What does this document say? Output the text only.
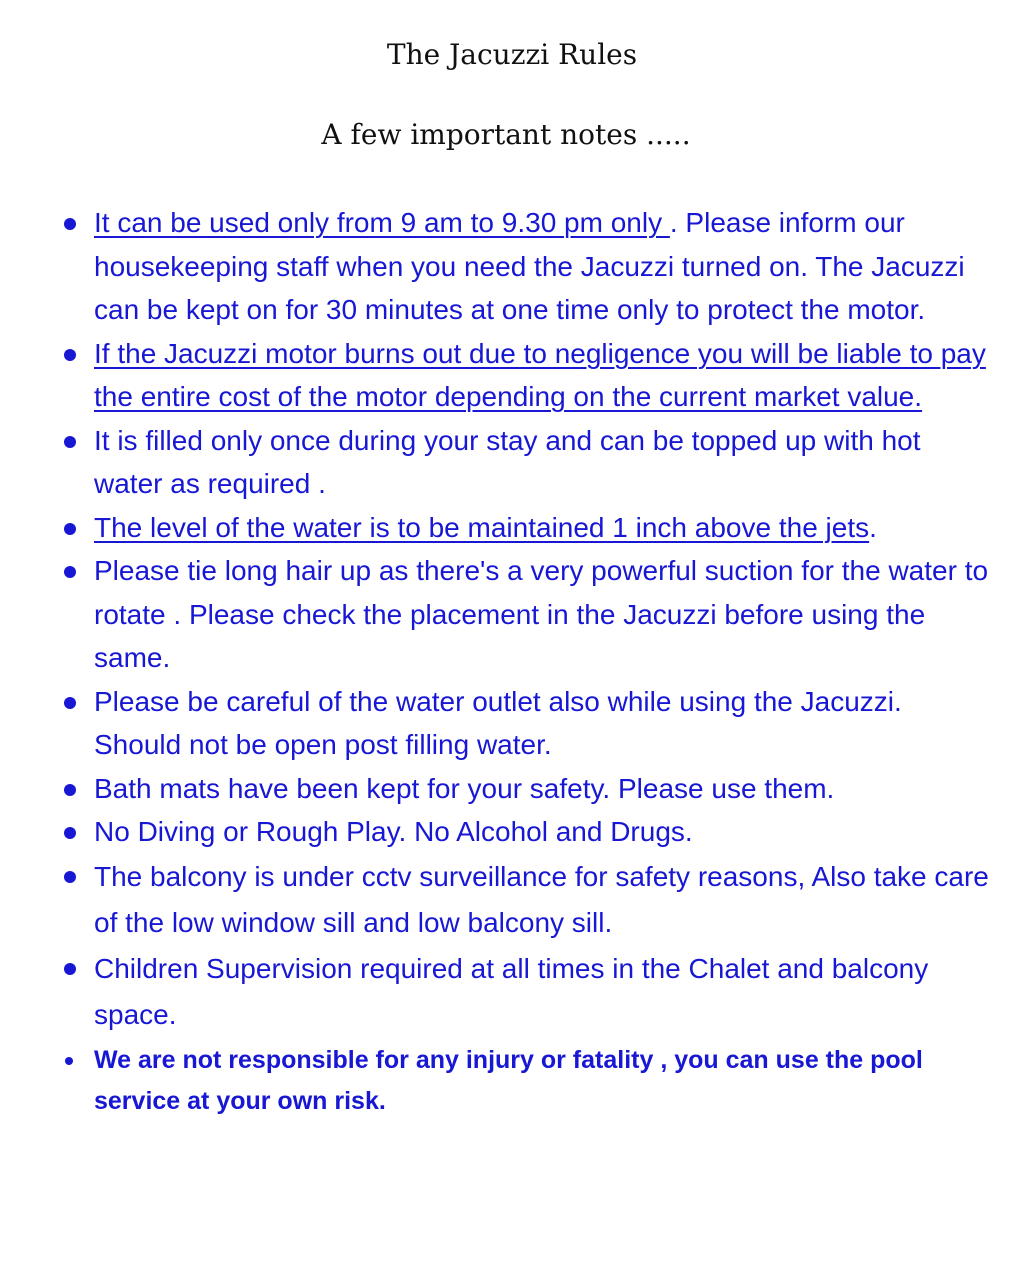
The Jacuzzi Rules
A few important notes .....
It can be used only from 9 am to 9.30 pm only . Please inform our housekeeping staff when you need the Jacuzzi turned on. The Jacuzzi can be kept on for 30 minutes at one time only to protect the motor.
If the Jacuzzi motor burns out due to negligence you will be liable to pay the entire cost of the motor depending on the current market value.
It is filled only once during your stay and can be topped up with hot water as required .
The level of the water is to be maintained 1 inch above the jets.
Please tie long hair up as there's a very powerful suction for the water to rotate . Please check the placement in the Jacuzzi before using the same.
Please be careful of the water outlet also while using the Jacuzzi. Should not be open post filling water.
Bath mats have been kept for your safety. Please use them.
No Diving or Rough Play. No Alcohol and Drugs.
The balcony is under cctv surveillance for safety reasons, Also take care of the low window sill and low balcony sill.
Children Supervision required at all times in the Chalet and balcony space.
We are not responsible for any injury or fatality , you can use the pool service at your own risk.
